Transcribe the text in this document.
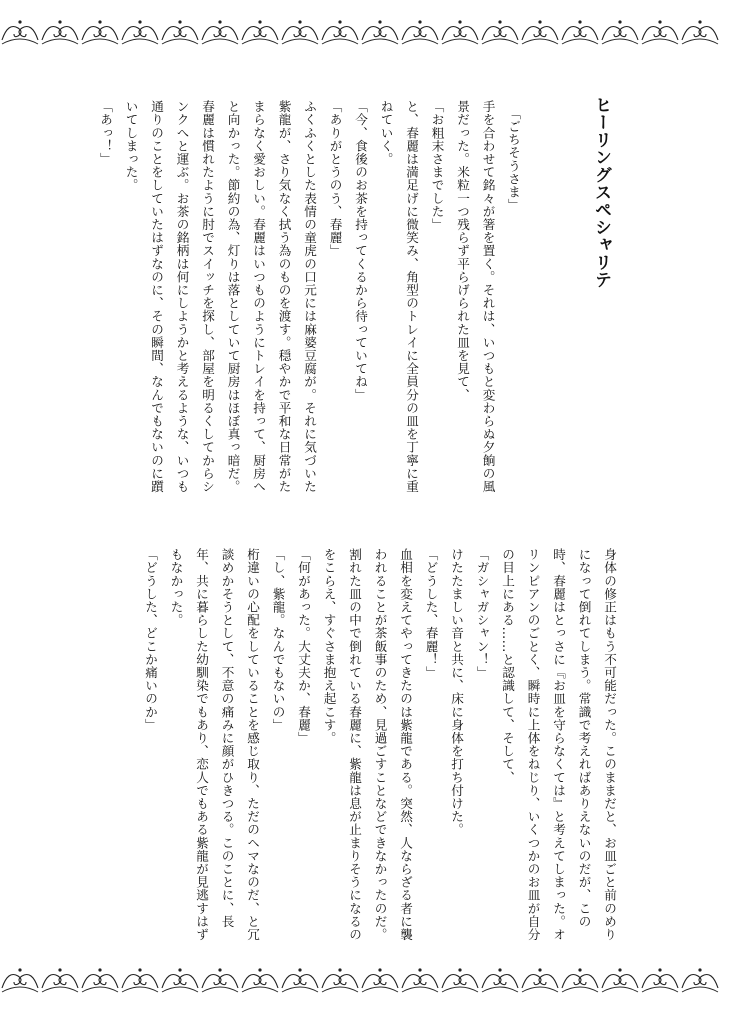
ヒーリングスペシャリテ

　「ごちそうさま」

手を合わせて銘々が箸を置く。それは、いつもと変わらぬ夕餉の風景だった。米粒一つ残らず平らげられた皿を見て、

「お粗末さまでした」

と、春麗は満足げに微笑み、角型のトレイに全員分の皿を丁寧に重ねていく。

「今、食後のお茶を持ってくるから待っていてね」

「ありがとうのう、春麗」

ふくふくとした表情の童虎の口元には麻婆豆腐が。それに気づいた紫龍が、さり気なく拭う為のものを渡す。穏やかで平和な日常がたまらなく愛おしい。春麗はいつものようにトレイを持って、厨房へと向かった。節約の為、灯りは落としていて厨房はほぼ真っ暗だ。春麗は慣れたように肘でスイッチを探し、部屋を明るくしてからシンクへと運ぶ。お茶の銘柄は何にしようかと考えるような、いつも通りのことをしていたはずなのに、その瞬間、なんでもないのに躓いてしまった。

「あっ！」

身体の修正はもう不可能だった。このままだと、お皿ごと前のめりになって倒れてしまう。常識で考えればありえないのだが、この時、春麗はとっさに『お皿を守らなくては』と考えてしまった。オリンピアンのごとく、瞬時に上体をねじり、いくつかのお皿が自分の目上にある……と認識して、そして、

「ガシャガシャン！」

けたたましい音と共に、床に身体を打ち付けた。

「どうした、春麗！」

血相を変えてやってきたのは紫龍である。突然、人ならざる者に襲われることが茶飯事のため、見過ごすことなどできなかったのだ。割れた皿の中で倒れている春麗に、紫龍は息が止まりそうになるのをこらえ、すぐさま抱え起こす。

「何があった。大丈夫か、春麗」

「し、紫龍。なんでもないの」

桁違いの心配をしていることを感じ取り、ただのヘマなのだ、と冗談めかそうとして、不意の痛みに顔がひきつる。このことに、長年、共に暮らした幼馴染でもあり、恋人でもある紫龍が見逃すはずもなかった。

「どうした、どこか痛いのか」
